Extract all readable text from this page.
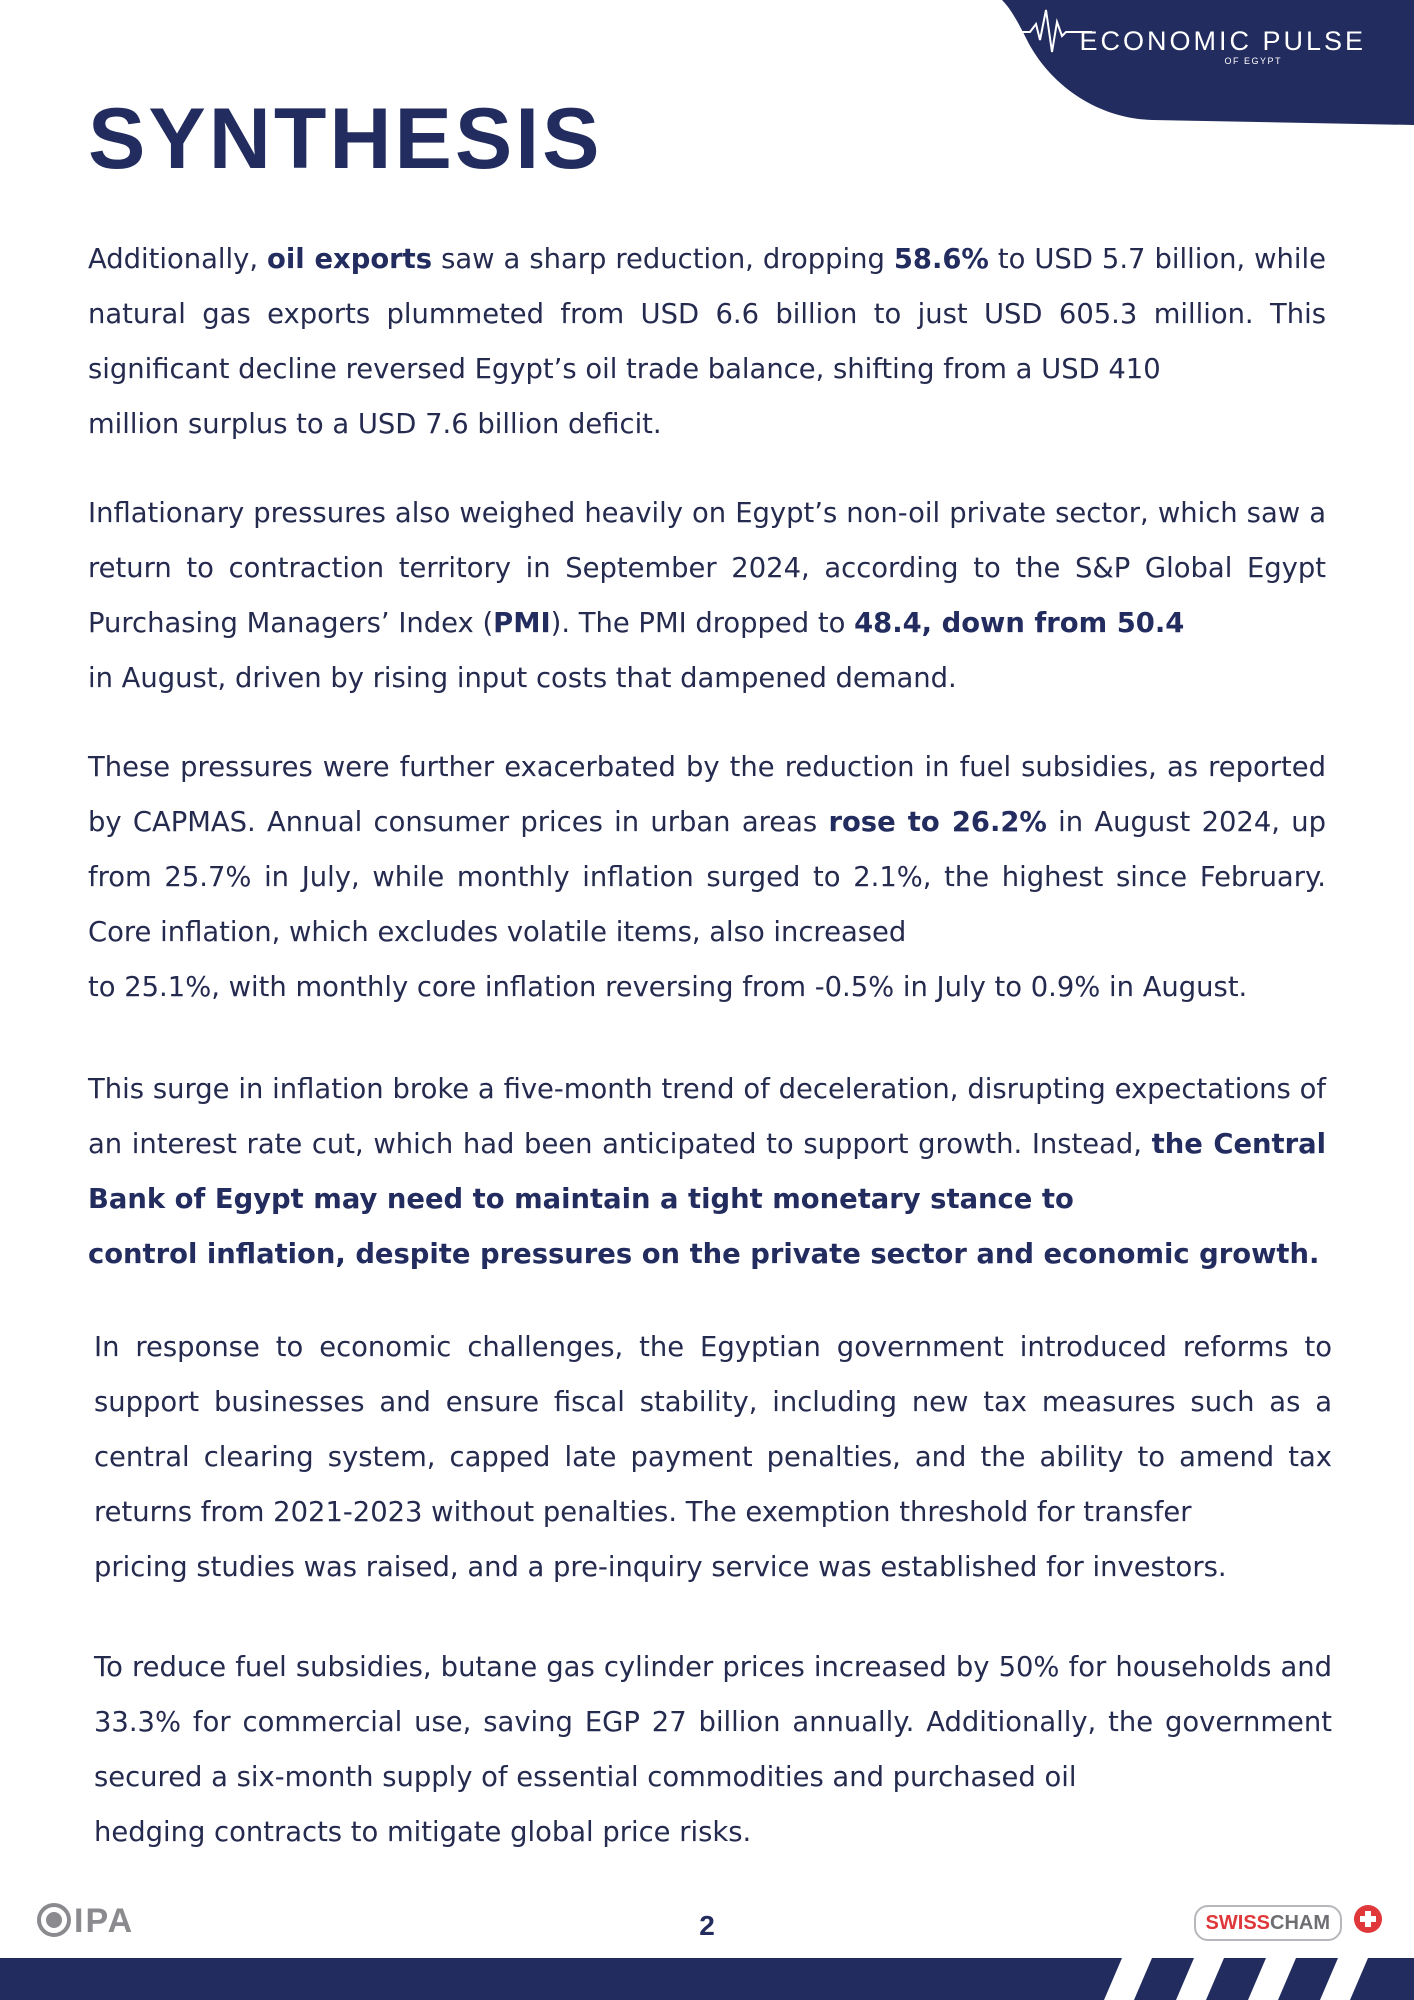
ECONOMIC PULSE
OF EGYPT
SYNTHESIS

Additionally, oil exports saw a sharp reduction, dropping 58.6% to USD 5.7 billion, while natural gas exports plummeted from USD 6.6 billion to just USD 605.3 million. This significant decline reversed Egypt’s oil trade balance, shifting from a USD 410
million surplus to a USD 7.6 billion deficit.

Inflationary pressures also weighed heavily on Egypt’s non-oil private sector, which saw a return to contraction territory in September 2024, according to the S&P Global Egypt Purchasing Managers’ Index (PMI). The PMI dropped to 48.4, down from 50.4
in August, driven by rising input costs that dampened demand.

These pressures were further exacerbated by the reduction in fuel subsidies, as reported by CAPMAS. Annual consumer prices in urban areas rose to 26.2% in August 2024, up from 25.7% in July, while monthly inflation surged to 2.1%, the highest since February. Core inflation, which excludes volatile items, also increased
to 25.1%, with monthly core inflation reversing from -0.5% in July to 0.9% in August.

This surge in inflation broke a five-month trend of deceleration, disrupting expectations of an interest rate cut, which had been anticipated to support growth. Instead, the Central Bank of Egypt may need to maintain a tight monetary stance to
control inflation, despite pressures on the private sector and economic growth.

In response to economic challenges, the Egyptian government introduced reforms to support businesses and ensure fiscal stability, including new tax measures such as a central clearing system, capped late payment penalties, and the ability to amend tax returns from 2021-2023 without penalties. The exemption threshold for transfer
pricing studies was raised, and a pre-inquiry service was established for investors.

To reduce fuel subsidies, butane gas cylinder prices increased by 50% for households and 33.3% for commercial use, saving EGP 27 billion annually. Additionally, the government secured a six-month supply of essential commodities and purchased oil
hedging contracts to mitigate global price risks.

IPA	2	SWISSCHAM
